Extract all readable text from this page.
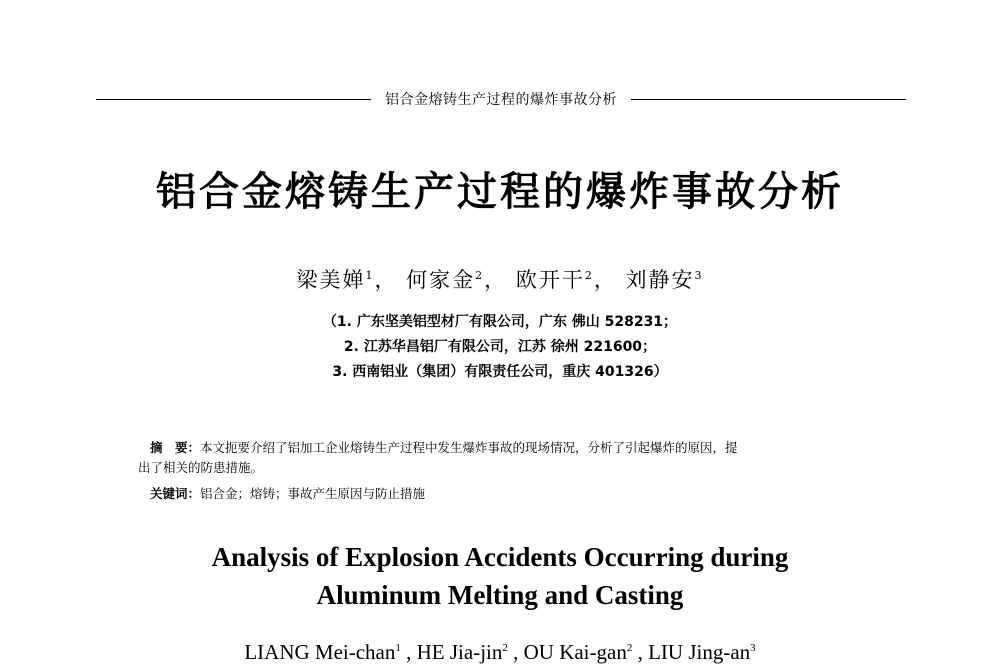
铝合金熔铸生产过程的爆炸事故分析
铝合金熔铸生产过程的爆炸事故分析
梁美婵$^1$， 何家金$^2$， 欧开干$^2$， 刘静安$^3$
（1. 广东坚美铝型材厂有限公司，广东 佛山 528231；
2. 江苏华昌铝厂有限公司，江苏 徐州 221600；
3. 西南铝业（集团）有限责任公司，重庆 401326）

摘　要：本文扼要介绍了铝加工企业熔铸生产过程中发生爆炸事故的现场情况，分析了引起爆炸的原因，提

出了相关的防患措施。

关键词：铝合金；熔铸；事故产生原因与防止措施
Analysis of Explosion Accidents Occurring during
Aluminum Melting and Casting
LIANG Mei-chan$^1$ , HE Jia-jin$^2$ , OU Kai-gan$^2$ , LIU Jing-$an^3$
